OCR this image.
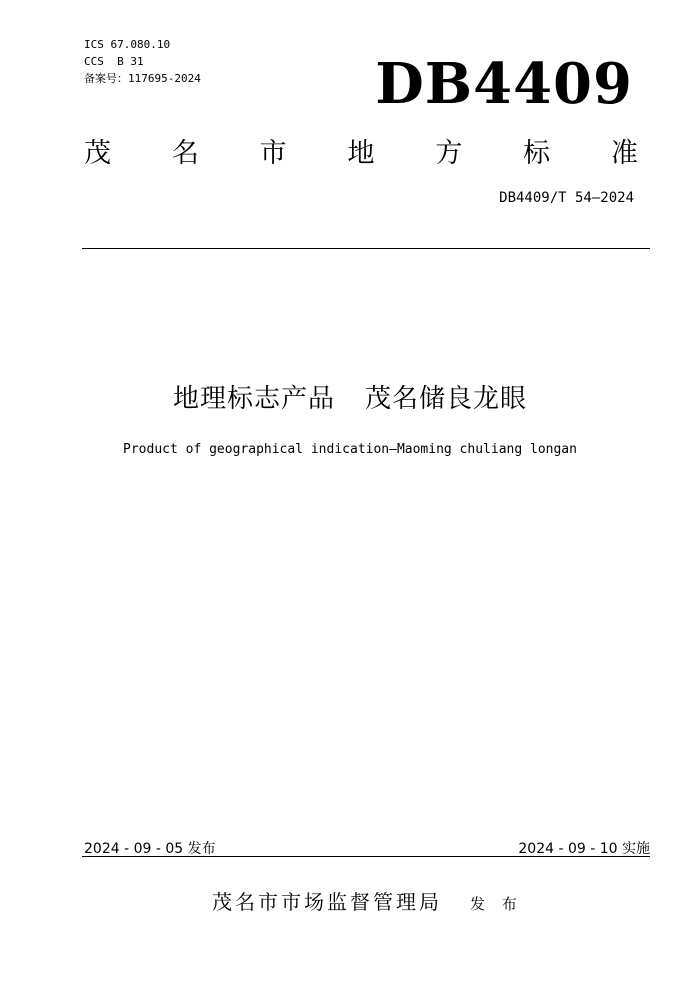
ICS 67.080.10
CCS  B 31
备案号：117695-2024	DB4409
茂 名 市 地 方 标 准
DB4409/T 54—2024
地理标志产品 茂名储良龙眼
Product of geographical indication—Maoming chuliang longan
2024 - 09 - 05 发布	2024 - 09 - 10 实施
茂名市市场监督管理局 发 布
